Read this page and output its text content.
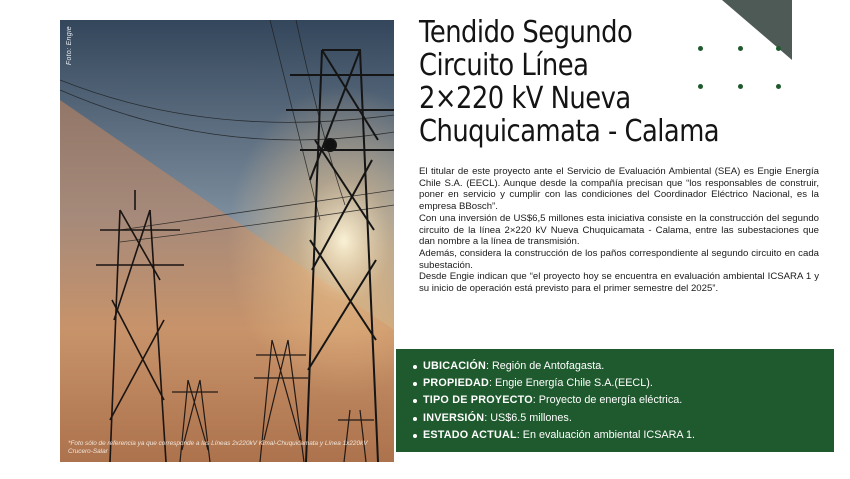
Foto: Engie
*Foto sólo de referencia ya que corresponde a las Líneas 2x220kV Kimal-Chuquicamata y Línea 1x220kV Crucero-Salar
Tendido Segundo
Circuito Línea
2×220 kV Nueva
Chuquicamata - Calama

El titular de este proyecto ante el Servicio de Evaluación Ambiental (SEA) es Engie Energía Chile S.A. (EECL). Aunque desde la compañía precisan que “los responsables de construir, poner en servicio y cumplir con las condiciones del Coordinador Eléctrico Nacional, es la empresa BBosch”.

Con una inversión de US$6,5 millones esta iniciativa consiste en la construcción del segundo circuito de la línea 2×220 kV Nueva Chuquicamata - Calama, entre las subestaciones que dan nombre a la línea de transmisión.

Además, considera la construcción de los paños correspondiente al segundo circuito en cada subestación.

Desde Engie indican que “el proyecto hoy se encuentra en evaluación ambiental ICSARA 1 y su inicio de operación está previsto para el primer semestre del 2025”.

UBICACIÓN: Región de Antofagasta.
PROPIEDAD: Engie Energía Chile S.A.(EECL).
TIPO DE PROYECTO: Proyecto de energía eléctrica.
INVERSIÓN: US$6.5 millones.
ESTADO ACTUAL: En evaluación ambiental ICSARA 1.
